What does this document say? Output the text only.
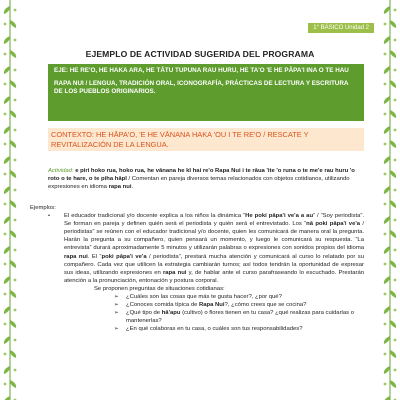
1° BÁSICO Unidad 2
EJEMPLO DE ACTIVIDAD SUGERIDA DEL PROGRAMA
EJE: HE RE'O, HE HAKA ARA, HE TĀTU TUPUNA RAU HURU, HE TA'O 'E HE PĀPA'I INA O TE HAU
RAPA NUI / LENGUA, TRADICIÓN ORAL, ICONOGRAFÍA, PRÁCTICAS DE LECTURA Y ESCRITURA DE LOS PUEBLOS ORIGINARIOS.
CONTEXTO: HE HĀPA'O, 'E HE VĀNANA HAKA 'OU I TE RE'O / RESCATE Y REVITALIZACIÓN DE LA LENGUA.
Actividad: e piri hoko rua, hoko rua, he vānana he kī hai re'o Rapa Nui i te rāua 'ite 'o runa o te me'e rau huru 'o roto o te hare, o te piha hāpī / Comentan en pareja diversos temas relacionados con objetos cotidianos, utilizando expresiones en idioma rapa nui.
Ejemplos:
• El educador tradicional y/o docente explica a los niños la dinámica “He poki pāpa'i ve'a a au” / “Soy periodista”. Se forman en pareja y definen quién será el periodista y quién será el entrevistado. Los “nā poki pāpa'i ve'a / periodistas” se reúnen con el educador tradicional y/o docente, quien les comunicará de manera oral la pregunta. Harán la pregunta a su compañero, quien pensará un momento, y luego le comunicará su respuesta. “La entrevista” durará aproximadamente 5 minutos y utilizarán palabras o expresiones con sonidos propios del idioma rapa nui. El “poki pāpa'i ve'a / periodista”, prestará mucha atención y comunicará al curso lo relatado por su compañero. Cada vez que utilicen la estrategia cambiarán turnos; así todos tendrán la oportunidad de expresar sus ideas, utilizando expresiones en rapa nui y, de hablar ante el curso parafraseando lo escuchado. Prestarán atención a la pronunciación, entonación y postura corporal.

Se proponen preguntas de situaciones cotidianas:
➢ ¿Cuáles son las cosas que más te gusta hacer?, ¿por qué?
➢ ¿Conoces comida típica de Rapa Nui?, ¿cómo crees que se cocina?
➢ ¿Qué tipo de hā'apu (cultivo) o flores tienen en tu casa? ¿qué realizas para cuidarlas o mantenerlas?
➢ ¿En qué colaboras en tu casa, o cuáles son tus responsabilidades?
